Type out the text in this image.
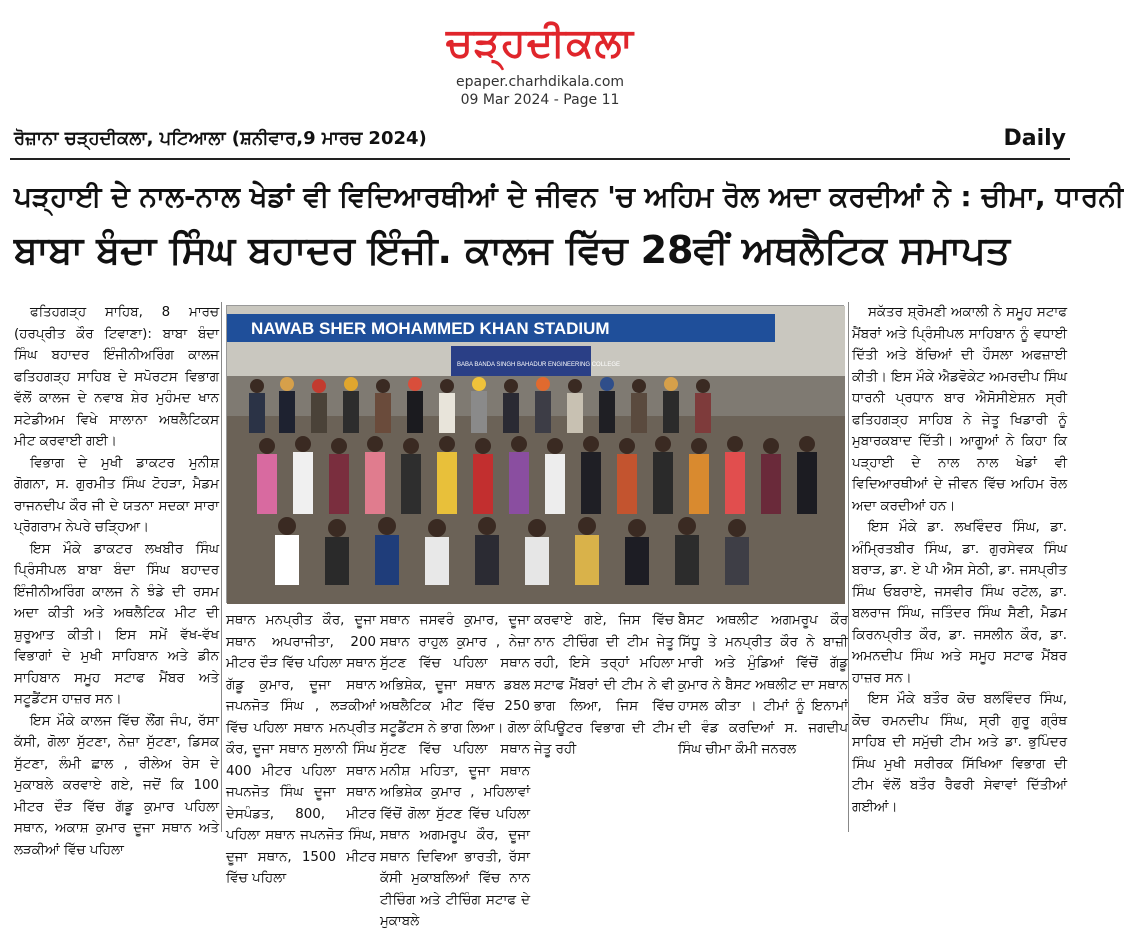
ਚੜ੍ਹਦੀਕਲਾ
epaper.charhdikala.com
09 Mar 2024 - Page 11
ਰੋਜ਼ਾਨਾ ਚੜ੍ਹਦੀਕਲਾ, ਪਟਿਆਲਾ (ਸ਼ਨੀਵਾਰ,9 ਮਾਰਚ 2024)	Daily
ਪੜ੍ਹਾਈ ਦੇ ਨਾਲ-ਨਾਲ ਖੇਡਾਂ ਵੀ ਵਿਦਿਆਰਥੀਆਂ ਦੇ ਜੀਵਨ 'ਚ ਅਹਿਮ ਰੋਲ ਅਦਾ ਕਰਦੀਆਂ ਨੇ : ਚੀਮਾ, ਧਾਰਨੀ
ਬਾਬਾ ਬੰਦਾ ਸਿੰਘ ਬਹਾਦਰ ਇੰਜੀ. ਕਾਲਜ ਵਿੱਚ 28ਵੀਂ ਅਥਲੈਟਿਕ ਸਮਾਪਤ

ਫਤਿਹਗੜ੍ਹ ਸਾਹਿਬ, 8 ਮਾਰਚ (ਹਰਪ੍ਰੀਤ ਕੌਰ ਟਿਵਾਣਾ): ਬਾਬਾ ਬੰਦਾ ਸਿੰਘ ਬਹਾਦਰ ਇੰਜੀਨੀਅਰਿੰਗ ਕਾਲਜ ਫਤਿਹਗੜ੍ਹ ਸਾਹਿਬ ਦੇ ਸਪੋਰਟਸ ਵਿਭਾਗ ਵੱਲੋਂ ਕਾਲਜ ਦੇ ਨਵਾਬ ਸ਼ੇਰ ਮੁਹੰਮਦ ਖਾਨ ਸਟੇਡੀਅਮ ਵਿਖੇ ਸਾਲਾਨਾ ਅਥਲੈਟਿਕਸ ਮੀਟ ਕਰਵਾਈ ਗਈ।

ਵਿਭਾਗ ਦੇ ਮੁਖੀ ਡਾਕਟਰ ਮੁਨੀਸ਼ ਗੋਗਨਾ, ਸ. ਗੁਰਮੀਤ ਸਿੰਘ ਟੋਹੜਾ, ਮੈਡਮ ਰਾਜਨਦੀਪ ਕੌਰ ਜੀ ਦੇ ਯਤਨਾ ਸਦਕਾ ਸਾਰਾ ਪ੍ਰੋਗਰਾਮ ਨੇਪਰੇ ਚੜ੍ਹਿਆ।

ਇਸ ਮੌਕੇ ਡਾਕਟਰ ਲਖਬੀਰ ਸਿੰਘ ਪ੍ਰਿੰਸੀਪਲ ਬਾਬਾ ਬੰਦਾ ਸਿੰਘ ਬਹਾਦਰ ਇੰਜੀਨੀਅਰਿੰਗ ਕਾਲਜ ਨੇ ਝੰਡੇ ਦੀ ਰਸਮ ਅਦਾ ਕੀਤੀ ਅਤੇ ਅਥਲੈਟਿਕ ਮੀਟ ਦੀ ਸ਼ੁਰੂਆਤ ਕੀਤੀ। ਇਸ ਸਮੇਂ ਵੱਖ-ਵੱਖ ਵਿਭਾਗਾਂ ਦੇ ਮੁਖੀ ਸਾਹਿਬਾਨ ਅਤੇ ਡੀਨ ਸਾਹਿਬਾਨ ਸਮੂਹ ਸਟਾਫ ਮੈਂਬਰ ਅਤੇ ਸਟੂਡੈਂਟਸ ਹਾਜ਼ਰ ਸਨ।

ਇਸ ਮੌਕੇ ਕਾਲਜ ਵਿੱਚ ਲੌਂਗ ਜੰਪ, ਰੱਸਾ ਕੱਸੀ, ਗੋਲਾ ਸੁੱਟਣਾ, ਨੇਜ਼ਾ ਸੁੱਟਣਾ, ਡਿਸਕ ਸੁੱਟਣਾ, ਲੰਮੀ ਛਾਲ , ਰੀਲੇਅ ਰੇਸ ਦੇ ਮੁਕਾਬਲੇ ਕਰਵਾਏ ਗਏ, ਜਦੋਂ ਕਿ 100 ਮੀਟਰ ਦੌੜ ਵਿੱਚ ਗੱਡੂ ਕੁਮਾਰ ਪਹਿਲਾ ਸਥਾਨ, ਅਕਾਸ਼ ਕੁਮਾਰ ਦੂਜਾ ਸਥਾਨ ਅਤੇ ਲੜਕੀਆਂ ਵਿੱਚ ਪਹਿਲਾ

NAWAB SHER MOHAMMED KHAN STADIUM
BABA BANDA SINGH BAHADUR ENGINEERING COLLEGE
ਸਥਾਨ ਮਨਪ੍ਰੀਤ ਕੌਰ, ਦੂਜਾ ਸਥਾਨ ਅਪਰਾਜੀਤਾ, 200 ਮੀਟਰ ਦੌੜ ਵਿੱਚ ਪਹਿਲਾ ਸਥਾਨ ਗੱਡੂ ਕੁਮਾਰ, ਦੂਜਾ ਸਥਾਨ ਜਪਨਜੋਤ ਸਿੰਘ , ਲੜਕੀਆਂ ਵਿੱਚ ਪਹਿਲਾ ਸਥਾਨ ਮਨਪ੍ਰੀਤ ਕੌਰ, ਦੂਜਾ ਸਥਾਨ ਸੁਲਾਨੀ ਸਿੰਘ 400 ਮੀਟਰ ਪਹਿਲਾ ਸਥਾਨ ਜਪਨਜੋਤ ਸਿੰਘ ਦੂਜਾ ਸਥਾਨ ਦੇਸਪੰਡਤ, 800, ਮੀਟਰ ਪਹਿਲਾ ਸਥਾਨ ਜਪਨਜੋਤ ਸਿੰਘ, ਦੂਜਾ ਸਥਾਨ, 1500 ਮੀਟਰ ਵਿੱਚ ਪਹਿਲਾ
ਸਥਾਨ ਜਸਵਰੰ ਕੁਮਾਰ, ਦੂਜਾ ਸਥਾਨ ਰਾਹੁਲ ਕੁਮਾਰ , ਨੇਜ਼ਾ ਸੁੱਟਣ ਵਿੱਚ ਪਹਿਲਾ ਸਥਾਨ ਅਭਿਸ਼ੇਕ, ਦੂਜਾ ਸਥਾਨ ਡਬਲ ਅਥਲੈਟਿਕ ਮੀਟ ਵਿੱਚ 250 ਸਟੂਡੈਂਟਸ ਨੇ ਭਾਗ ਲਿਆ। ਗੋਲਾ ਸੁੱਟਣ ਵਿੱਚ ਪਹਿਲਾ ਸਥਾਨ ਮਨੀਸ਼ ਮਹਿਤਾ, ਦੂਜਾ ਸਥਾਨ ਅਭਿਸ਼ੇਕ ਕੁਮਾਰ , ਮਹਿਲਾਵਾਂ ਵਿੱਚੋਂ ਗੋਲਾ ਸੁੱਟਣ ਵਿੱਚ ਪਹਿਲਾ ਸਥਾਨ ਅਗਮਰੂਪ ਕੌਰ, ਦੂਜਾ ਸਥਾਨ ਦਿਵਿਆ ਭਾਰਤੀ, ਰੱਸਾ ਕੱਸੀ ਮੁਕਾਬਲਿਆਂ ਵਿੱਚ ਨਾਨ ਟੀਚਿੰਗ ਅਤੇ ਟੀਚਿੰਗ ਸਟਾਫ ਦੇ ਮੁਕਾਬਲੇ
ਕਰਵਾਏ ਗਏ, ਜਿਸ ਵਿੱਚ ਨਾਨ ਟੀਚਿੰਗ ਦੀ ਟੀਮ ਜੇਤੂ ਰਹੀ, ਇਸੇ ਤਰ੍ਹਾਂ ਮਹਿਲਾ ਸਟਾਫ ਮੈਂਬਰਾਂ ਦੀ ਟੀਮ ਨੇ ਵੀ ਭਾਗ ਲਿਆ, ਜਿਸ ਵਿੱਚ ਕੰਪਿਊਟਰ ਵਿਭਾਗ ਦੀ ਟੀਮ ਜੇਤੂ ਰਹੀ
ਬੈਸਟ ਅਥਲੀਟ ਅਗਮਰੂਪ ਕੌਰ ਸਿੱਧੂ ਤੇ ਮਨਪ੍ਰੀਤ ਕੌਰ ਨੇ ਬਾਜ਼ੀ ਮਾਰੀ ਅਤੇ ਮੁੰਡਿਆਂ ਵਿੱਚੋਂ ਗੱਡੂ ਕੁਮਾਰ ਨੇ ਬੈਸਟ ਅਥਲੀਟ ਦਾ ਸਥਾਨ ਹਾਸਲ ਕੀਤਾ । ਟੀਮਾਂ ਨੂੰ ਇਨਾਮਾਂ ਦੀ ਵੰਡ ਕਰਦਿਆਂ ਸ. ਜਗਦੀਪ ਸਿੰਘ ਚੀਮਾ ਕੌਮੀ ਜਨਰਲ

ਸਕੱਤਰ ਸ਼੍ਰੋਮਣੀ ਅਕਾਲੀ ਨੇ ਸਮੂਹ ਸਟਾਫ ਮੈਂਬਰਾਂ ਅਤੇ ਪ੍ਰਿੰਸੀਪਲ ਸਾਹਿਬਾਨ ਨੂੰ ਵਧਾਈ ਦਿੱਤੀ ਅਤੇ ਬੱਚਿਆਂ ਦੀ ਹੌਸਲਾ ਅਫਜ਼ਾਈ ਕੀਤੀ। ਇਸ ਮੌਕੇ ਐਡਵੋਕੇਟ ਅਮਰਦੀਪ ਸਿੰਘ ਧਾਰਨੀ ਪ੍ਰਧਾਨ ਬਾਰ ਐਸੋਸੀਏਸ਼ਨ ਸ੍ਰੀ ਫਤਿਹਗੜ੍ਹ ਸਾਹਿਬ ਨੇ ਜੇਤੂ ਖਿਡਾਰੀ ਨੂੰ ਮੁਬਾਰਕਬਾਦ ਦਿੱਤੀ। ਆਗੂਆਂ ਨੇ ਕਿਹਾ ਕਿ ਪੜ੍ਹਾਈ ਦੇ ਨਾਲ ਨਾਲ ਖੇਡਾਂ ਵੀ ਵਿਦਿਆਰਥੀਆਂ ਦੇ ਜੀਵਨ ਵਿੱਚ ਅਹਿਮ ਰੋਲ ਅਦਾ ਕਰਦੀਆਂ ਹਨ।

ਇਸ ਮੌਕੇ ਡਾ. ਲਖਵਿੰਦਰ ਸਿੰਘ, ਡਾ. ਅੰਮ੍ਰਿਤਬੀਰ ਸਿੰਘ, ਡਾ. ਗੁਰਸੇਵਕ ਸਿੰਘ ਬਰਾੜ, ਡਾ. ਏ ਪੀ ਐਸ ਸੇਠੀ, ਡਾ. ਜਸਪ੍ਰੀਤ ਸਿੰਘ ਓਬਰਾਏ, ਜਸਵੀਰ ਸਿੰਘ ਰਟੋਲ, ਡਾ. ਬਲਰਾਜ ਸਿੰਘ, ਜਤਿੰਦਰ ਸਿੰਘ ਸੈਣੀ, ਮੈਡਮ ਕਿਰਨਪ੍ਰੀਤ ਕੌਰ, ਡਾ. ਜਸਲੀਨ ਕੌਰ, ਡਾ. ਅਮਨਦੀਪ ਸਿੰਘ ਅਤੇ ਸਮੂਹ ਸਟਾਫ ਮੈਂਬਰ ਹਾਜ਼ਰ ਸਨ।

ਇਸ ਮੌਕੇ ਬਤੌਰ ਕੋਚ ਬਲਵਿੰਦਰ ਸਿੰਘ, ਕੋਚ ਰਮਨਦੀਪ ਸਿੰਘ, ਸ੍ਰੀ ਗੁਰੂ ਗ੍ਰੰਥ ਸਾਹਿਬ ਦੀ ਸਮੁੱਚੀ ਟੀਮ ਅਤੇ ਡਾ. ਭੁਪਿੰਦਰ ਸਿੰਘ ਮੁਖੀ ਸਰੀਰਕ ਸਿੱਖਿਆ ਵਿਭਾਗ ਦੀ ਟੀਮ ਵੱਲੋਂ ਬਤੌਰ ਰੈਫਰੀ ਸੇਵਾਵਾਂ ਦਿੱਤੀਆਂ ਗਈਆਂ।
